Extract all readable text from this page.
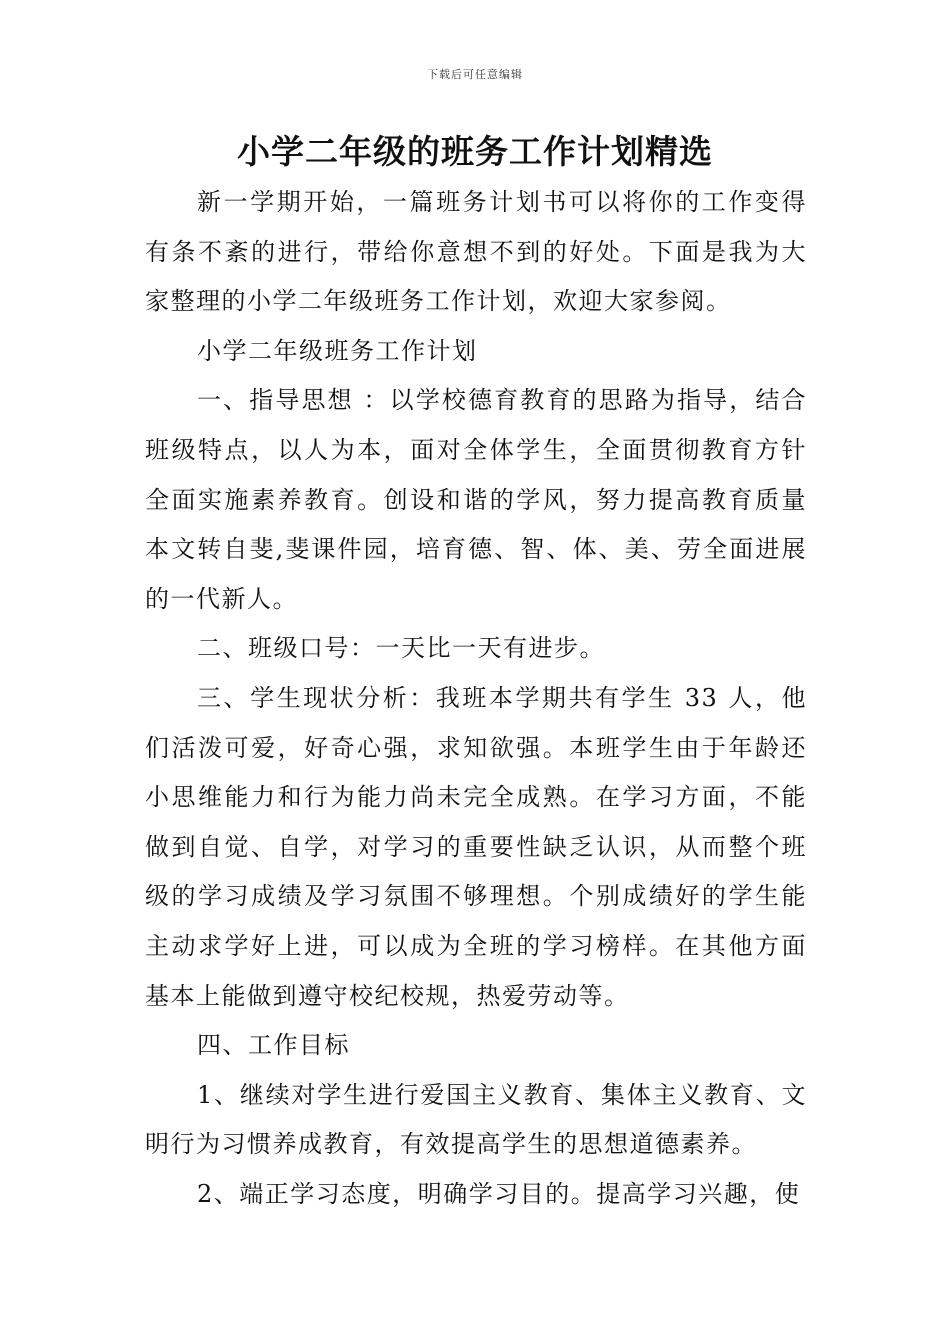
下载后可任意编辑
小学二年级的班务工作计划精选

新一学期开始，一篇班务计划书可以将你的工作变得有条不紊的进行，带给你意想不到的好处。下面是我为大家整理的小学二年级班务工作计划，欢迎大家参阅。

小学二年级班务工作计划

一、指导思想 ：以学校德育教育的思路为指导，结合班级特点，以人为本，面对全体学生，全面贯彻教育方针全面实施素养教育。创设和谐的学风，努力提高教育质量本文转自斐,斐课件园，培育德、智、体、美、劳全面进展的一代新人。

二、班级口号：一天比一天有进步。

三、学生现状分析：我班本学期共有学生 33 人，他们活泼可爱，好奇心强，求知欲强。本班学生由于年龄还小思维能力和行为能力尚未完全成熟。在学习方面，不能做到自觉、自学，对学习的重要性缺乏认识，从而整个班级的学习成绩及学习氛围不够理想。个别成绩好的学生能主动求学好上进，可以成为全班的学习榜样。在其他方面基本上能做到遵守校纪校规，热爱劳动等。

四、工作目标

1、继续对学生进行爱国主义教育、集体主义教育、文明行为习惯养成教育，有效提高学生的思想道德素养。

2、端正学习态度，明确学习目的。提高学习兴趣，使
